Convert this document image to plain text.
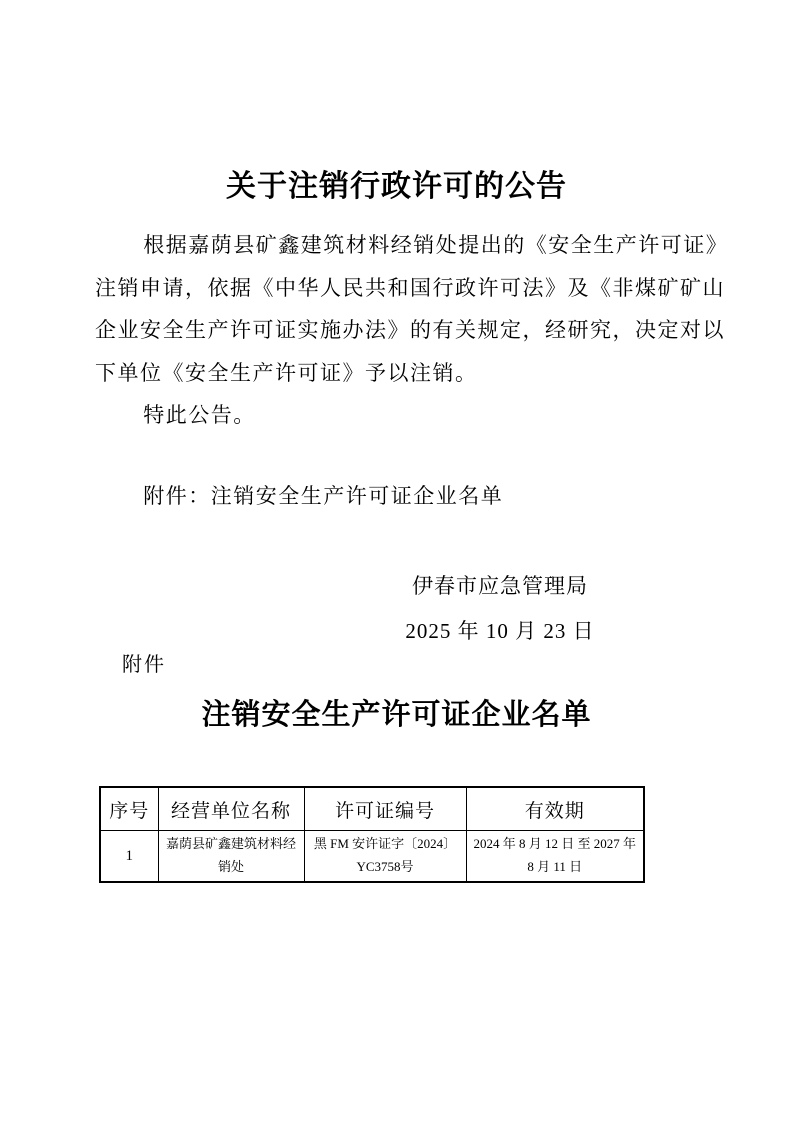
关于注销行政许可的公告
根据嘉荫县矿鑫建筑材料经销处提出的《安全生产许可证》
注销申请，依据《中华人民共和国行政许可法》及《非煤矿矿山
企业安全生产许可证实施办法》的有关规定，经研究，决定对以
下单位《安全生产许可证》予以注销。
特此公告。
附件：注销安全生产许可证企业名单
伊春市应急管理局
2025 年 10 月 23 日
附件
注销安全生产许可证企业名单
序号	经营单位名称	许可证编号	有效期
1	嘉荫县矿鑫建筑材料经销处	黑 FM 安许证字〔2024〕YC3758号	2024 年 8 月 12 日 至 2027 年 8 月 11 日
